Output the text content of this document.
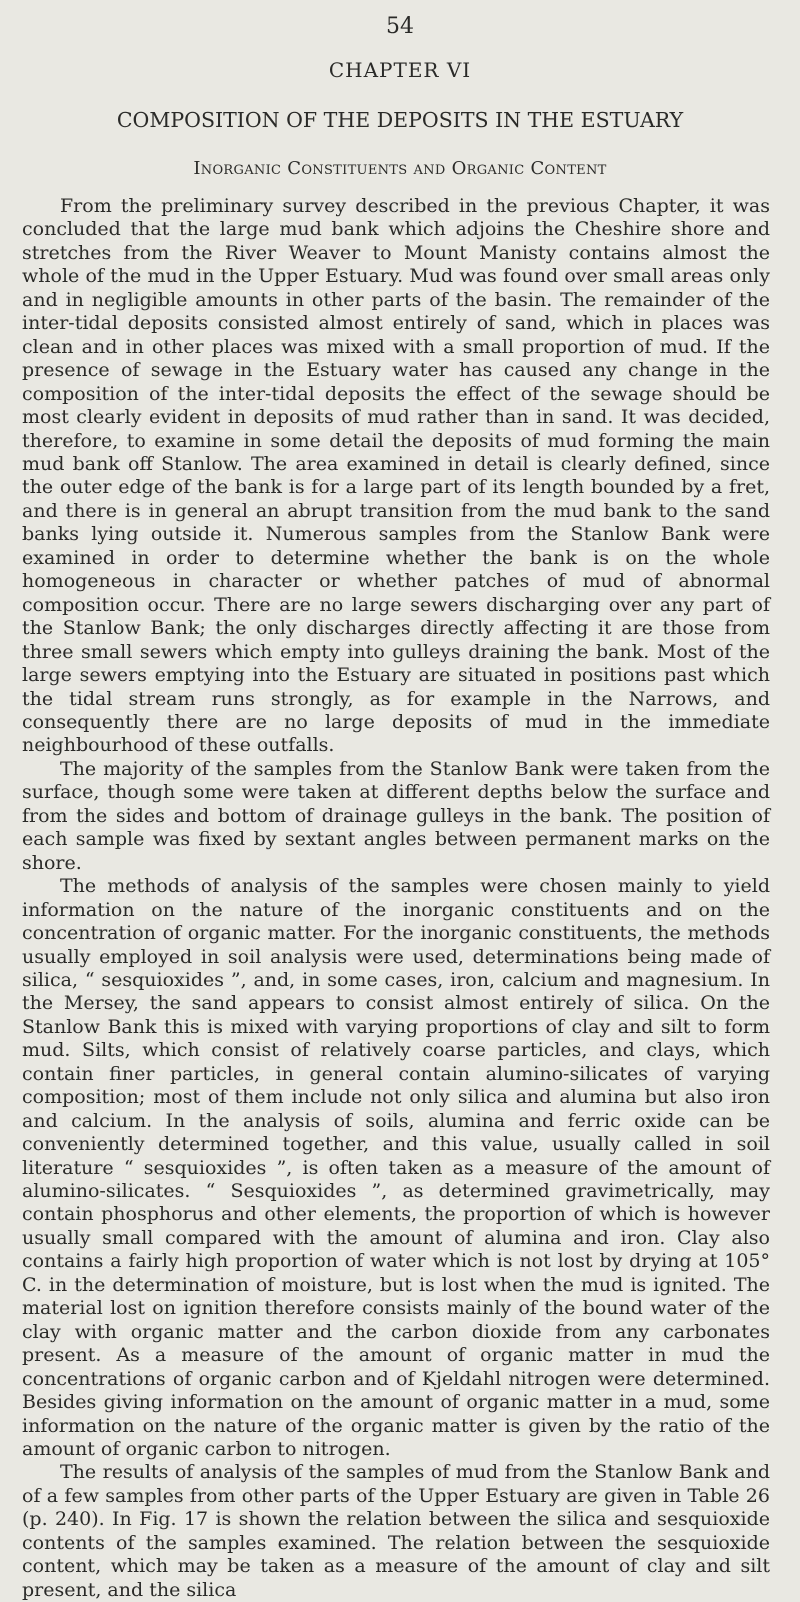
54
CHAPTER VI
COMPOSITION OF THE DEPOSITS IN THE ESTUARY
Inorganic Constituents and Organic Content

From the preliminary survey described in the previous Chapter, it was concluded that the large mud bank which adjoins the Cheshire shore and stretches from the River Weaver to Mount Manisty contains almost the whole of the mud in the Upper Estuary. Mud was found over small areas only and in negligible amounts in other parts of the basin. The remainder of the inter-tidal deposits consisted almost entirely of sand, which in places was clean and in other places was mixed with a small proportion of mud. If the presence of sewage in the Estuary water has caused any change in the composition of the inter-tidal deposits the effect of the sewage should be most clearly evident in deposits of mud rather than in sand. It was decided, therefore, to examine in some detail the deposits of mud forming the main mud bank off Stanlow. The area examined in detail is clearly defined, since the outer edge of the bank is for a large part of its length bounded by a fret, and there is in general an abrupt transition from the mud bank to the sand banks lying outside it. Numerous samples from the Stanlow Bank were examined in order to determine whether the bank is on the whole homogeneous in character or whether patches of mud of abnormal composition occur. There are no large sewers discharging over any part of the Stanlow Bank; the only discharges directly affecting it are those from three small sewers which empty into gulleys draining the bank. Most of the large sewers emptying into the Estuary are situated in positions past which the tidal stream runs strongly, as for example in the Narrows, and consequently there are no large deposits of mud in the immediate neighbourhood of these outfalls.

The majority of the samples from the Stanlow Bank were taken from the surface, though some were taken at different depths below the surface and from the sides and bottom of drainage gulleys in the bank. The position of each sample was fixed by sextant angles between permanent marks on the shore.

The methods of analysis of the samples were chosen mainly to yield information on the nature of the inorganic constituents and on the concentration of organic matter. For the inorganic constituents, the methods usually employed in soil analysis were used, determinations being made of silica, “ sesquioxides ”, and, in some cases, iron, calcium and magnesium. In the Mersey, the sand appears to consist almost entirely of silica. On the Stanlow Bank this is mixed with varying proportions of clay and silt to form mud. Silts, which consist of relatively coarse particles, and clays, which contain finer particles, in general contain alumino-silicates of varying composition; most of them include not only silica and alumina but also iron and calcium. In the analysis of soils, alumina and ferric oxide can be conveniently determined together, and this value, usually called in soil literature “ sesquioxides ”, is often taken as a measure of the amount of alumino-silicates. “ Sesquioxides ”, as determined gravimetrically, may contain phosphorus and other elements, the proportion of which is however usually small compared with the amount of alumina and iron. Clay also contains a fairly high proportion of water which is not lost by drying at 105° C. in the determination of moisture, but is lost when the mud is ignited. The material lost on ignition therefore consists mainly of the bound water of the clay with organic matter and the carbon dioxide from any carbonates present. As a measure of the amount of organic matter in mud the concentrations of organic carbon and of Kjeldahl nitrogen were determined. Besides giving information on the amount of organic matter in a mud, some information on the nature of the organic matter is given by the ratio of the amount of organic carbon to nitrogen.

The results of analysis of the samples of mud from the Stanlow Bank and of a few samples from other parts of the Upper Estuary are given in Table 26 (p. 240). In Fig. 17 is shown the relation between the silica and sesquioxide contents of the samples examined. The relation between the sesquioxide content, which may be taken as a measure of the amount of clay and silt present, and the silica
